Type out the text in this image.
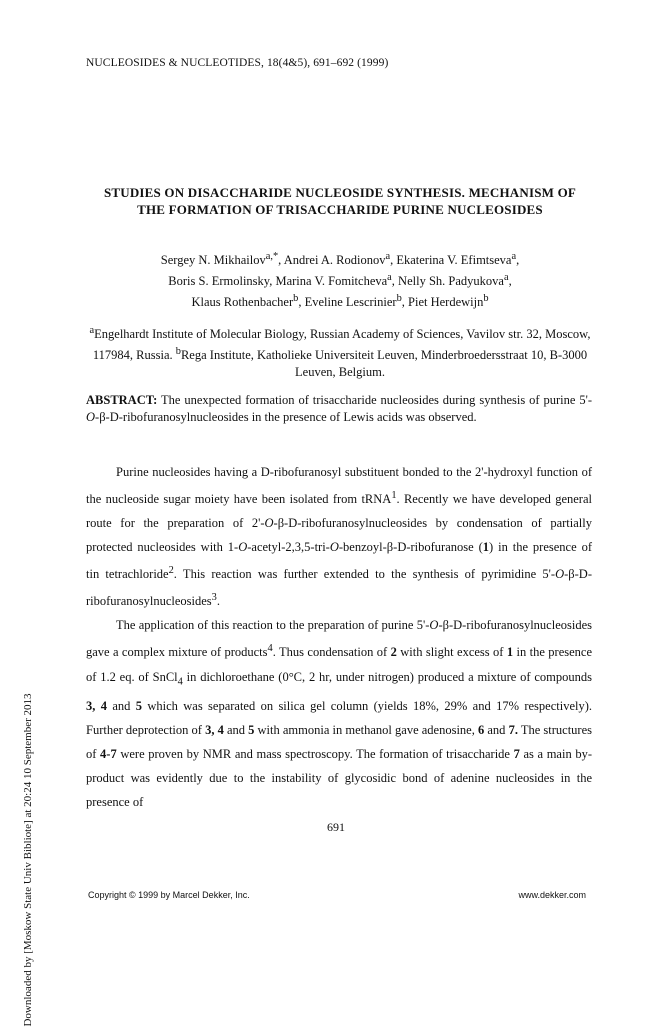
NUCLEOSIDES & NUCLEOTIDES, 18(4&5), 691–692 (1999)
Downloaded by [Moskow State Univ Bibliote] at 20:24 10 September 2013
STUDIES ON DISACCHARIDE NUCLEOSIDE SYNTHESIS. MECHANISM OF
THE FORMATION OF TRISACCHARIDE PURINE NUCLEOSIDES
Sergey N. Mikhailov$^{a,*}$, Andrei A. Rodionov$^a$, Ekaterina V. Efimtseva$^a$,
Boris S. Ermolinsky, Marina V. Fomitcheva$^a$, Nelly Sh. Padyukova$^a$,
Klaus Rothenbacher$^b$, Eveline Lescrinier$^b$, Piet Herdewijn$^b$
$^a$Engelhardt Institute of Molecular Biology, Russian Academy of Sciences, Vavilov str. 32, Moscow, 117984, Russia. $^b$Rega Institute, Katholieke Universiteit Leuven, Minderbroedersstraat 10, B-3000 Leuven, Belgium.
ABSTRACT: The unexpected formation of trisaccharide nucleosides during synthesis of purine 5'-O-β-D-ribofuranosylnucleosides in the presence of Lewis acids was observed.

Purine nucleosides having a D-ribofuranosyl substituent bonded to the 2'-hydroxyl function of the nucleoside sugar moiety have been isolated from tRNA$^1$. Recently we have developed general route for the preparation of 2'-O-β-D-ribofuranosylnucleosides by condensation of partially protected nucleosides with 1-O-acetyl-2,3,5-tri-O-benzoyl-β-D-ribofuranose (1) in the presence of tin tetrachloride$^2$. This reaction was further extended to the synthesis of pyrimidine 5'-O-β-D-ribofuranosylnucleosides$^3$.

The application of this reaction to the preparation of purine 5'-O-β-D-ribofuranosylnucleosides gave a complex mixture of products$^4$. Thus condensation of 2 with slight excess of 1 in the presence of 1.2 eq. of SnCl$_4$ in dichloroethane (0°C, 2 hr, under nitrogen) produced a mixture of compounds 3, 4 and 5 which was separated on silica gel column (yields 18%, 29% and 17% respectively). Further deprotection of 3, 4 and 5 with ammonia in methanol gave adenosine, 6 and 7. The structures of 4-7 were proven by NMR and mass spectroscopy. The formation of trisaccharide 7 as a main by-product was evidently due to the instability of glycosidic bond of adenine nucleosides in the presence of

691
Copyright © 1999 by Marcel Dekker, Inc.	www.dekker.com
